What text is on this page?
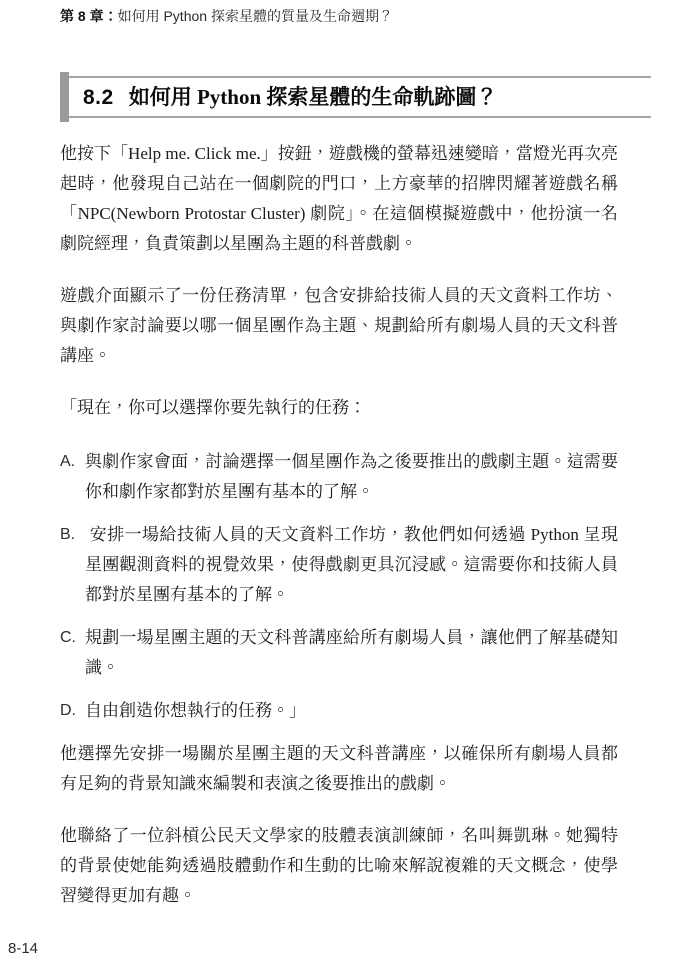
第 8 章：如何用 Python 探索星體的質量及生命週期？
8.2 如何用 Python 探索星體的生命軌跡圖？

他按下「Help me. Click me.」按鈕，遊戲機的螢幕迅速變暗，當燈光再次亮起時，他發現自己站在一個劇院的門口，上方豪華的招牌閃耀著遊戲名稱「NPC(Newborn Protostar Cluster) 劇院」。在這個模擬遊戲中，他扮演一名劇院經理，負責策劃以星團為主題的科普戲劇。

遊戲介面顯示了一份任務清單，包含安排給技術人員的天文資料工作坊、與劇作家討論要以哪一個星團作為主題、規劃給所有劇場人員的天文科普講座。

「現在，你可以選擇你要先執行的任務：

A. 與劇作家會面，討論選擇一個星團作為之後要推出的戲劇主題。這需要你和劇作家都對於星團有基本的了解。
B. 安排一場給技術人員的天文資料工作坊，教他們如何透過 Python 呈現星團觀測資料的視覺效果，使得戲劇更具沉浸感。這需要你和技術人員都對於星團有基本的了解。
C. 規劃一場星團主題的天文科普講座給所有劇場人員，讓他們了解基礎知識。
D. 自由創造你想執行的任務。」

他選擇先安排一場關於星團主題的天文科普講座，以確保所有劇場人員都有足夠的背景知識來編製和表演之後要推出的戲劇。

他聯絡了一位斜槓公民天文學家的肢體表演訓練師，名叫舞凱琳。她獨特的背景使她能夠透過肢體動作和生動的比喻來解說複雜的天文概念，使學習變得更加有趣。

8-14
